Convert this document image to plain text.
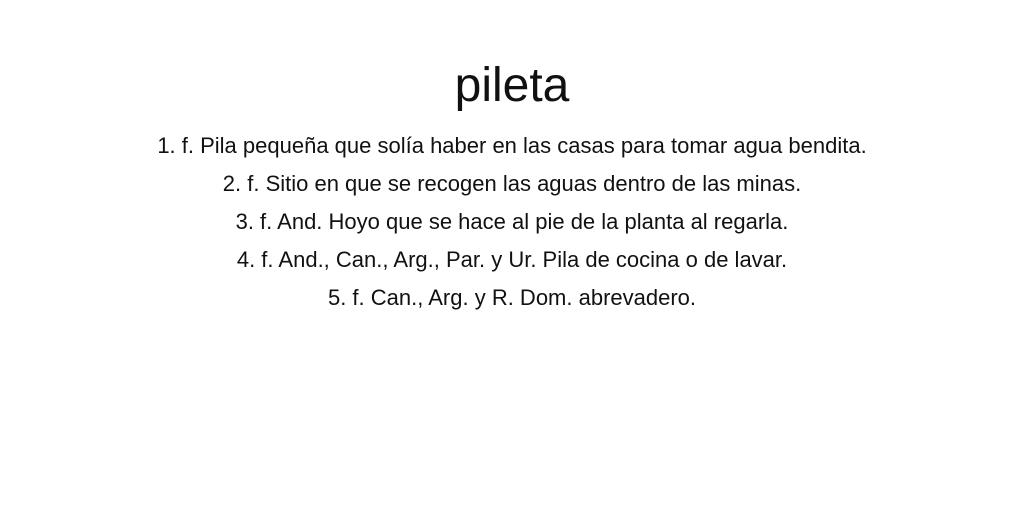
pileta
1. f. Pila pequeña que solía haber en las casas para tomar agua bendita.
2. f. Sitio en que se recogen las aguas dentro de las minas.
3. f. And. Hoyo que se hace al pie de la planta al regarla.
4. f. And., Can., Arg., Par. y Ur. Pila de cocina o de lavar.
5. f. Can., Arg. y R. Dom. abrevadero.
